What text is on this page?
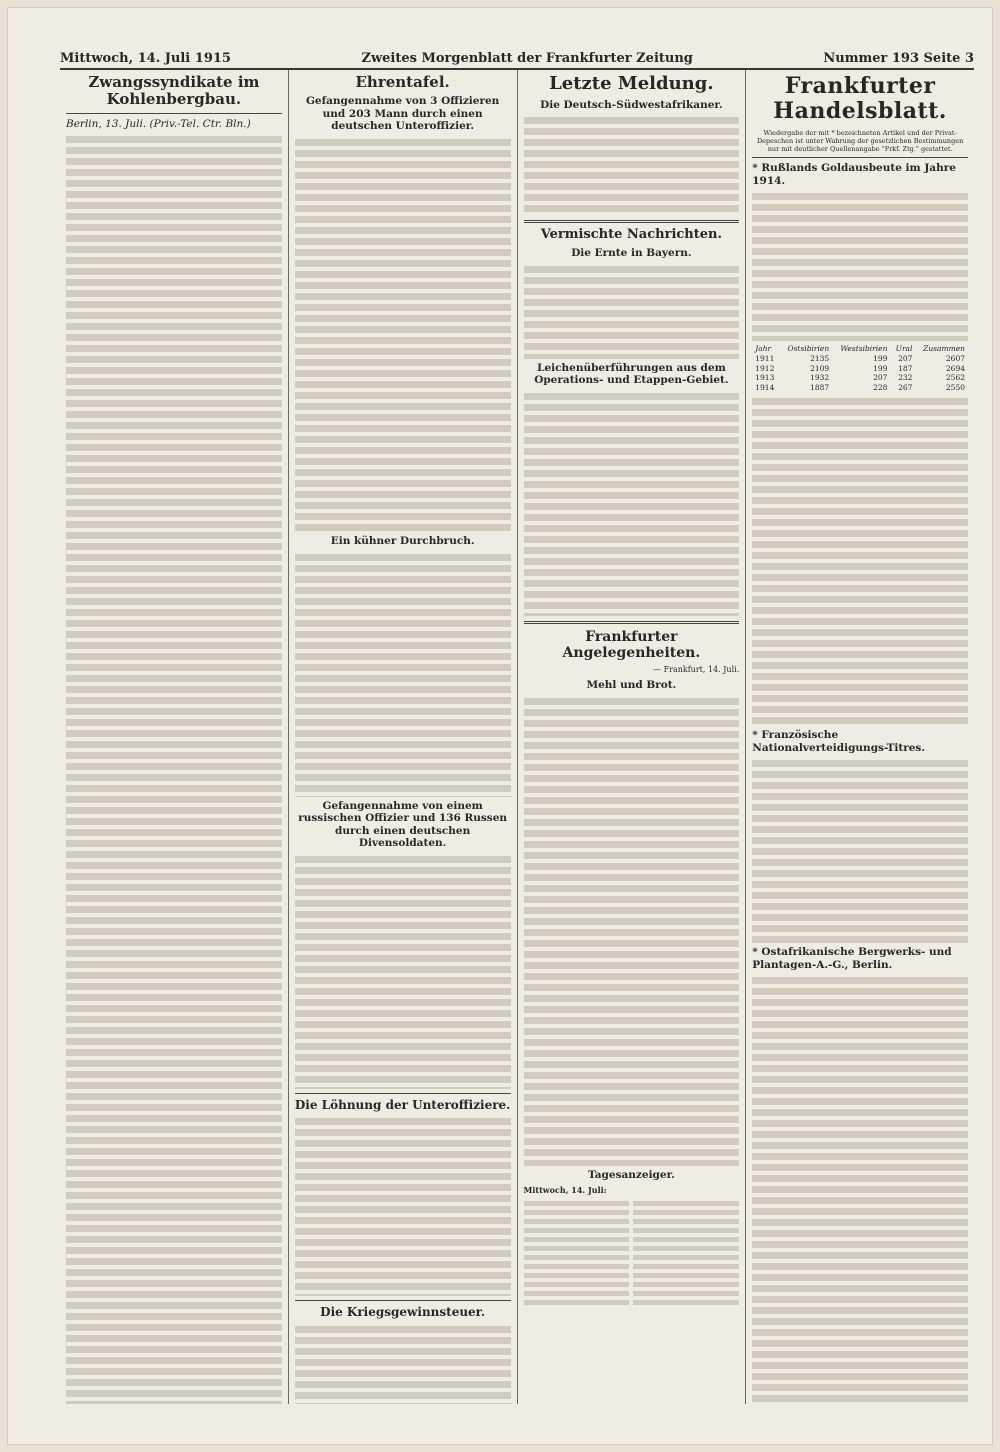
Mittwoch, 14. Juli 1915	Zweites Morgenblatt der Frankfurter Zeitung	Nummer 193 Seite 3
Zwangssyndikate im Kohlenbergbau.
Berlin, 13. Juli. (Priv.-Tel. Ctr. Bln.)
Ehrentafel.
Gefangennahme von 3 Offizieren und 203 Mann durch einen deutschen Unteroffizier.
Ein kühner Durchbruch.
Gefangennahme von einem russischen Offizier und 136 Russen durch einen deutschen Divensoldaten.
Die Löhnung der Unteroffiziere.
Die Kriegsgewinnsteuer.
Letzte Meldung.
Die Deutsch-Südwestafrikaner.
Vermischte Nachrichten.
Die Ernte in Bayern.
Leichenüberführungen aus dem Operations- und Etappen-Gebiet.
Frankfurter Angelegenheiten.
— Frankfurt, 14. Juli.
Mehl und Brot.
Tagesanzeiger.
Mittwoch, 14. Juli:
Frankfurter Handelsblatt.
Wiedergabe der mit * bezeichneten Artikel und der Privat-Depeschen ist unter Wahrung der gesetzlichen Bestimmungen nur mit deutlicher Quellenangabe "Frkf. Ztg." gestattet.
* Rußlands Goldausbeute im Jahre 1914.
Jahr	Ostsibirien	Westsibirien	Ural	Zusammen
1911	2135	199	207	2607
1912	2109	199	187	2694
1913	1932	207	232	2562
1914	1887	228	267	2550
* Französische Nationalverteidigungs-Titres.
* Ostafrikanische Bergwerks- und Plantagen-A.-G., Berlin.
